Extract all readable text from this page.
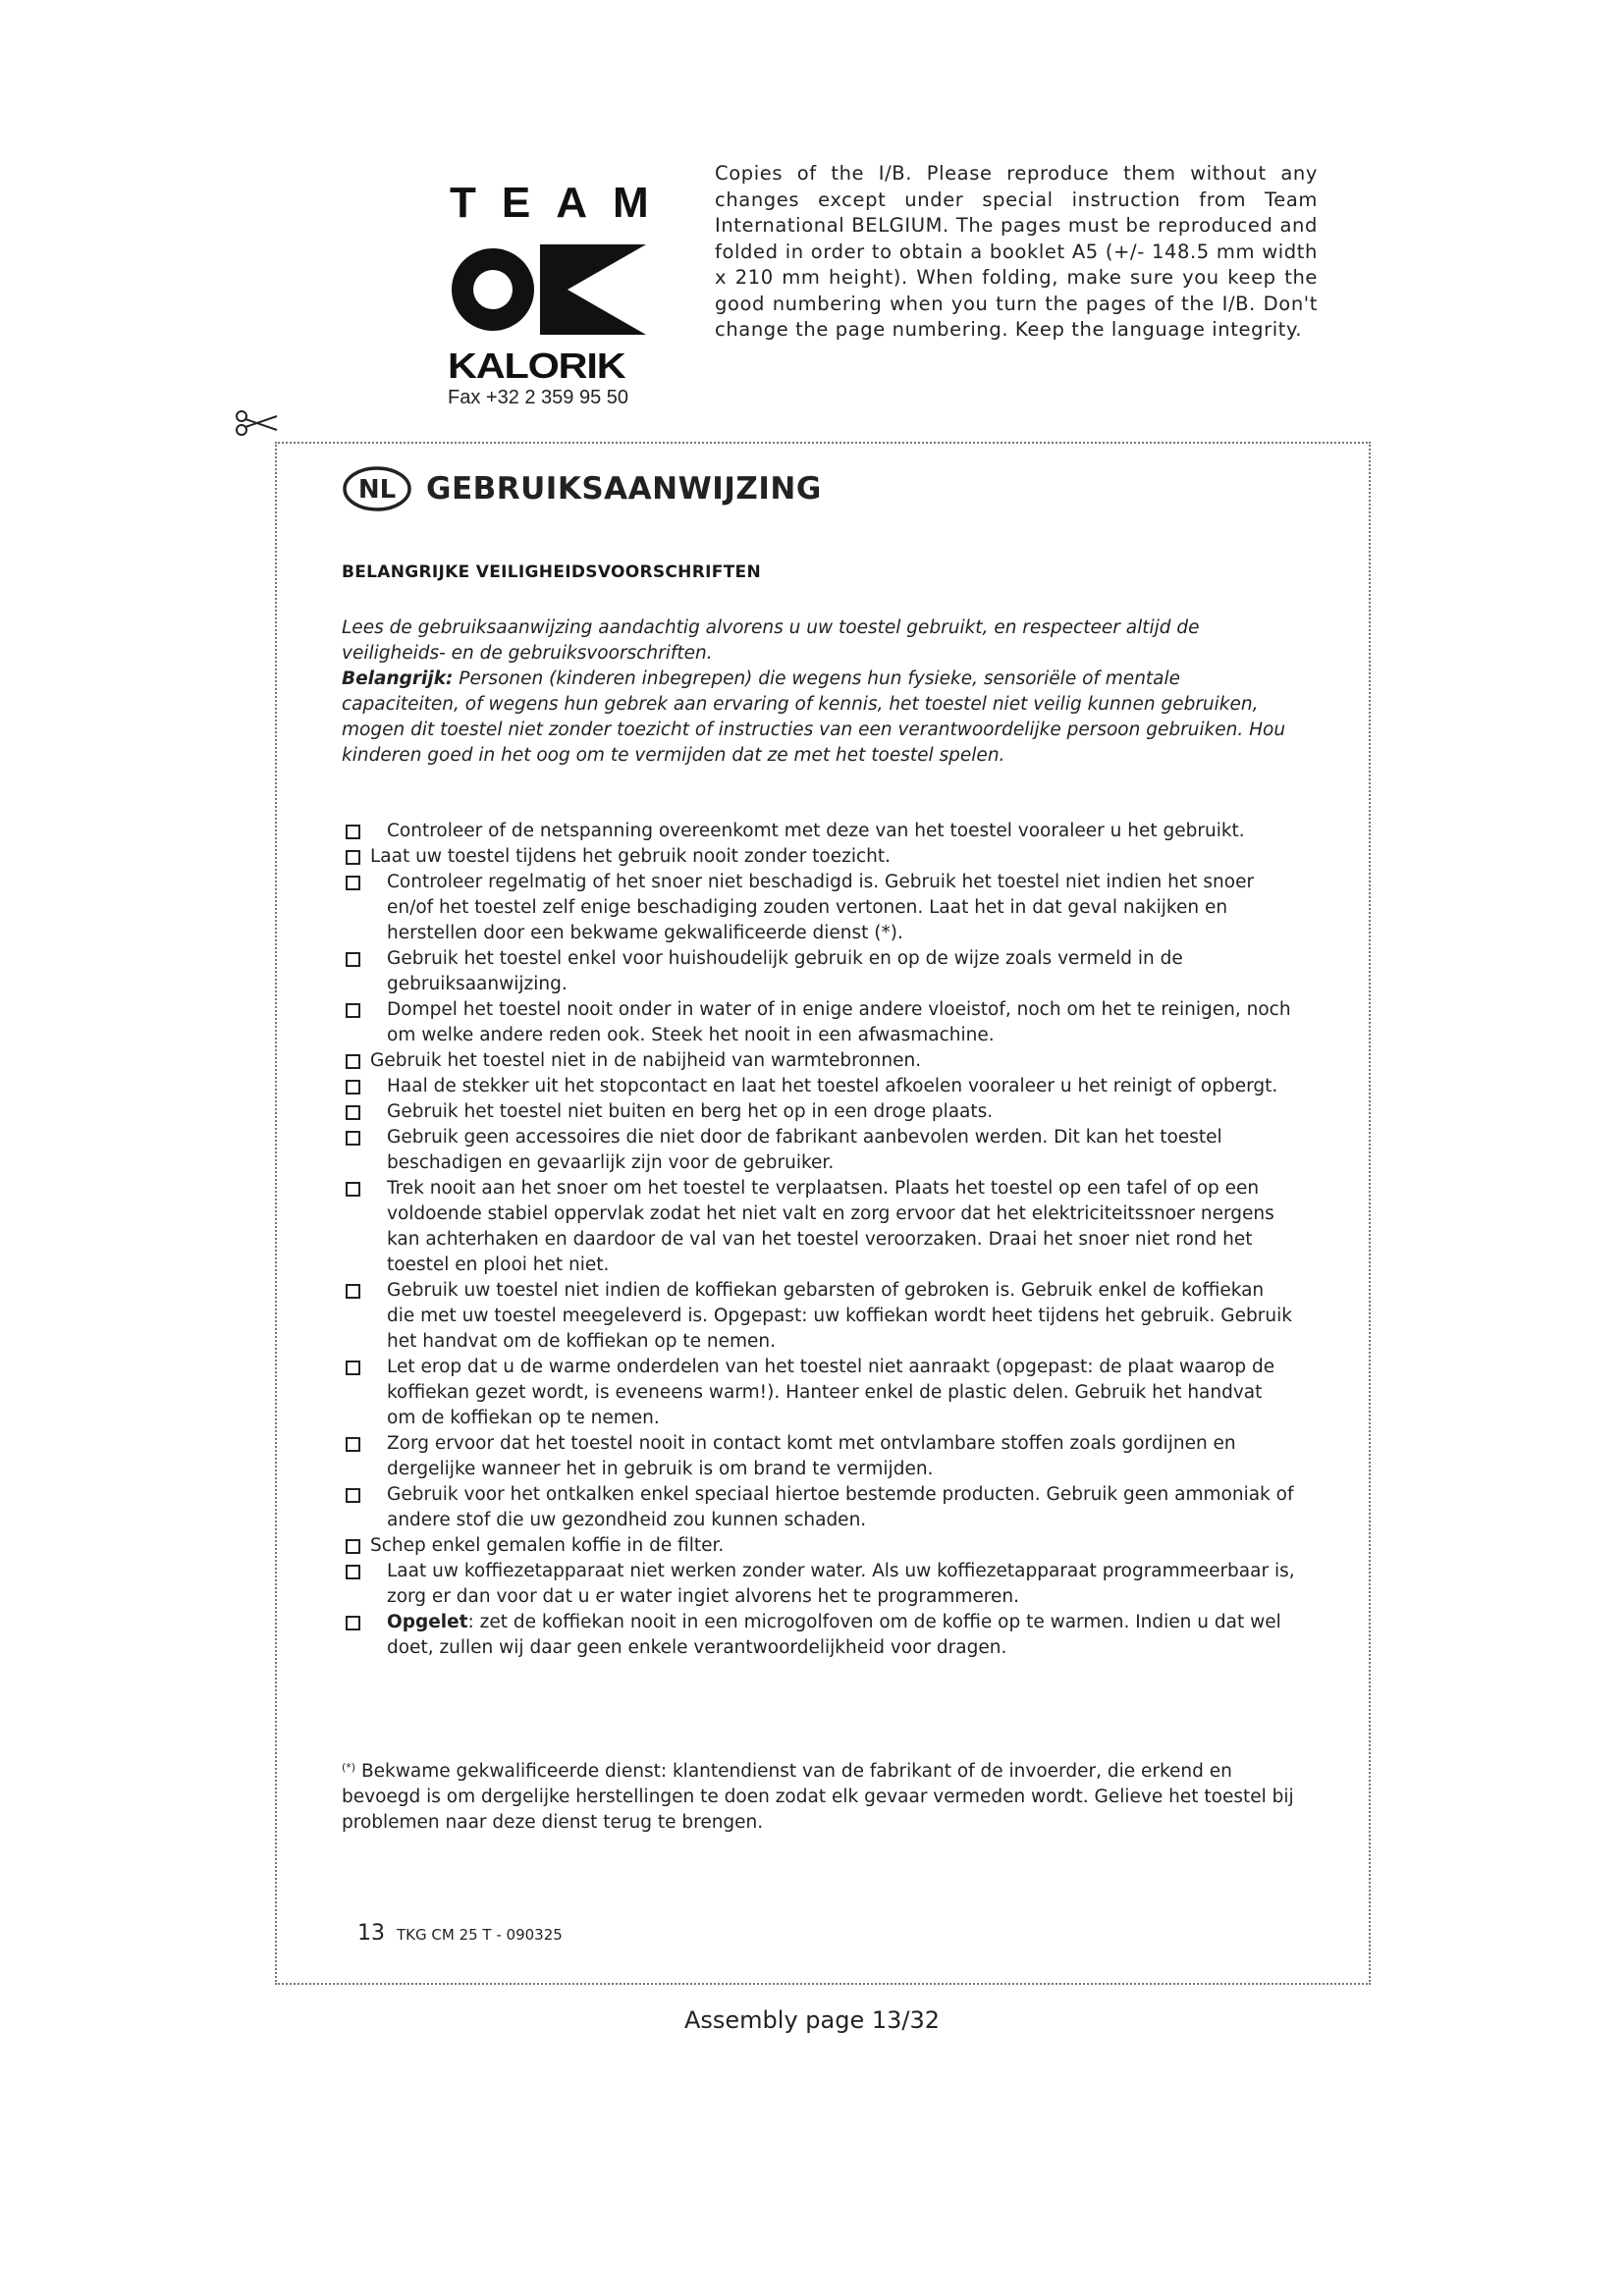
TEAM
KALORIK
Fax +32 2 359 95 50
Copies of the I/B. Please reproduce them without any changes except under special instruction from Team International BELGIUM. The pages must be reproduced and folded in order to obtain a booklet A5 (+/- 148.5 mm width x 210 mm height). When folding, make sure you keep the good numbering when you turn the pages of the I/B. Don't change the page numbering. Keep the language integrity.
NL GEBRUIKSAANWIJZING
BELANGRIJKE VEILIGHEIDSVOORSCHRIFTEN

Lees de gebruiksaanwijzing aandachtig alvorens u uw toestel gebruikt, en respecteer altijd de veiligheids- en de gebruiksvoorschriften.

Belangrijk: Personen (kinderen inbegrepen) die wegens hun fysieke, sensoriële of mentale capaciteiten, of wegens hun gebrek aan ervaring of kennis, het toestel niet veilig kunnen gebruiken, mogen dit toestel niet zonder toezicht of instructies van een verantwoordelijke persoon gebruiken. Hou kinderen goed in het oog om te vermijden dat ze met het toestel spelen.

Controleer of de netspanning overeenkomt met deze van het toestel vooraleer u het gebruikt.
Laat uw toestel tijdens het gebruik nooit zonder toezicht.
Controleer regelmatig of het snoer niet beschadigd is. Gebruik het toestel niet indien het snoer en/of het toestel zelf enige beschadiging zouden vertonen. Laat het in dat geval nakijken en herstellen door een bekwame gekwalificeerde dienst (*).
Gebruik het toestel enkel voor huishoudelijk gebruik en op de wijze zoals vermeld in de gebruiksaanwijzing.
Dompel het toestel nooit onder in water of in enige andere vloeistof, noch om het te reinigen, noch om welke andere reden ook. Steek het nooit in een afwasmachine.
Gebruik het toestel niet in de nabijheid van warmtebronnen.
Haal de stekker uit het stopcontact en laat het toestel afkoelen vooraleer u het reinigt of opbergt.
Gebruik het toestel niet buiten en berg het op in een droge plaats.
Gebruik geen accessoires die niet door de fabrikant aanbevolen werden. Dit kan het toestel beschadigen en gevaarlijk zijn voor de gebruiker.
Trek nooit aan het snoer om het toestel te verplaatsen. Plaats het toestel op een tafel of op een voldoende stabiel oppervlak zodat het niet valt en zorg ervoor dat het elektriciteitssnoer nergens kan achterhaken en daardoor de val van het toestel veroorzaken. Draai het snoer niet rond het toestel en plooi het niet.
Gebruik uw toestel niet indien de koffiekan gebarsten of gebroken is. Gebruik enkel de koffiekan die met uw toestel meegeleverd is. Opgepast: uw koffiekan wordt heet tijdens het gebruik. Gebruik het handvat om de koffiekan op te nemen.
Let erop dat u de warme onderdelen van het toestel niet aanraakt (opgepast: de plaat waarop de koffiekan gezet wordt, is eveneens warm!). Hanteer enkel de plastic delen. Gebruik het handvat om de koffiekan op te nemen.
Zorg ervoor dat het toestel nooit in contact komt met ontvlambare stoffen zoals gordijnen en dergelijke wanneer het in gebruik is om brand te vermijden.
Gebruik voor het ontkalken enkel speciaal hiertoe bestemde producten. Gebruik geen ammoniak of andere stof die uw gezondheid zou kunnen schaden.
Schep enkel gemalen koffie in de filter.
Laat uw koffiezetapparaat niet werken zonder water. Als uw koffiezetapparaat programmeerbaar is, zorg er dan voor dat u er water ingiet alvorens het te programmeren.
Opgelet: zet de koffiekan nooit in een microgolfoven om de koffie op te warmen. Indien u dat wel doet, zullen wij daar geen enkele verantwoordelijkheid voor dragen.
(*) Bekwame gekwalificeerde dienst: klantendienst van de fabrikant of de invoerder, die erkend en bevoegd is om dergelijke herstellingen te doen zodat elk gevaar vermeden wordt. Gelieve het toestel bij problemen naar deze dienst terug te brengen.
13 TKG CM 25 T - 090325
Assembly page 13/32
